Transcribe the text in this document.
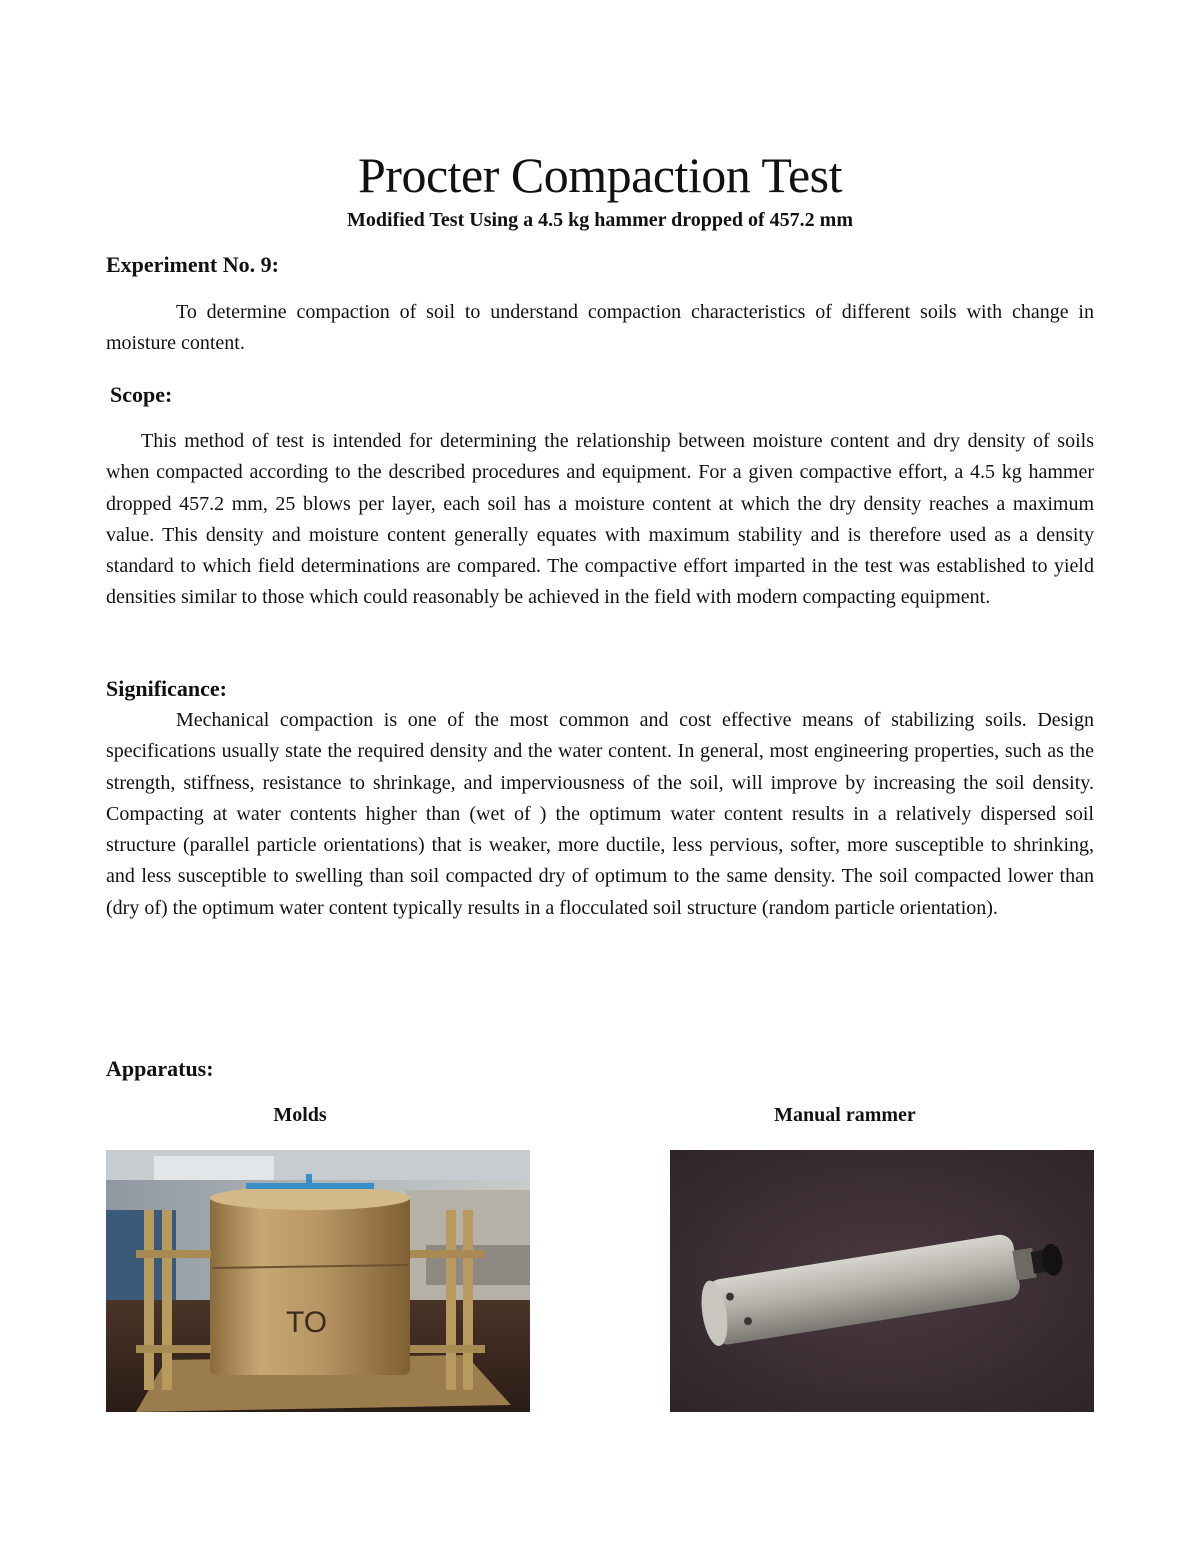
Procter Compaction Test
Modified Test Using a 4.5 kg hammer dropped of 457.2 mm
Experiment No. 9:
To determine compaction of soil to understand compaction characteristics of different soils with change in moisture content.
Scope:
This method of test is intended for determining the relationship between moisture content and dry density of soils when compacted according to the described procedures and equipment. For a given compactive effort, a 4.5 kg hammer dropped 457.2 mm, 25 blows per layer, each soil has a moisture content at which the dry density reaches a maximum value. This density and moisture content generally equates with maximum stability and is therefore used as a density standard to which field determinations are compared. The compactive effort imparted in the test was established to yield densities similar to those which could reasonably be achieved in the field with modern compacting equipment.
Significance:
Mechanical compaction is one of the most common and cost effective means of stabilizing soils. Design specifications usually state the required density and the water content. In general, most engineering properties, such as the strength, stiffness, resistance to shrinkage, and imperviousness of the soil, will improve by increasing the soil density. Compacting at water contents higher than (wet of ) the optimum water content results in a relatively dispersed soil structure (parallel particle orientations) that is weaker, more ductile, less pervious, softer, more susceptible to shrinking, and less susceptible to swelling than soil compacted dry of optimum to the same density. The soil compacted lower than (dry of) the optimum water content typically results in a flocculated soil structure (random particle orientation).
Apparatus:
Molds	Manual rammer
TO
